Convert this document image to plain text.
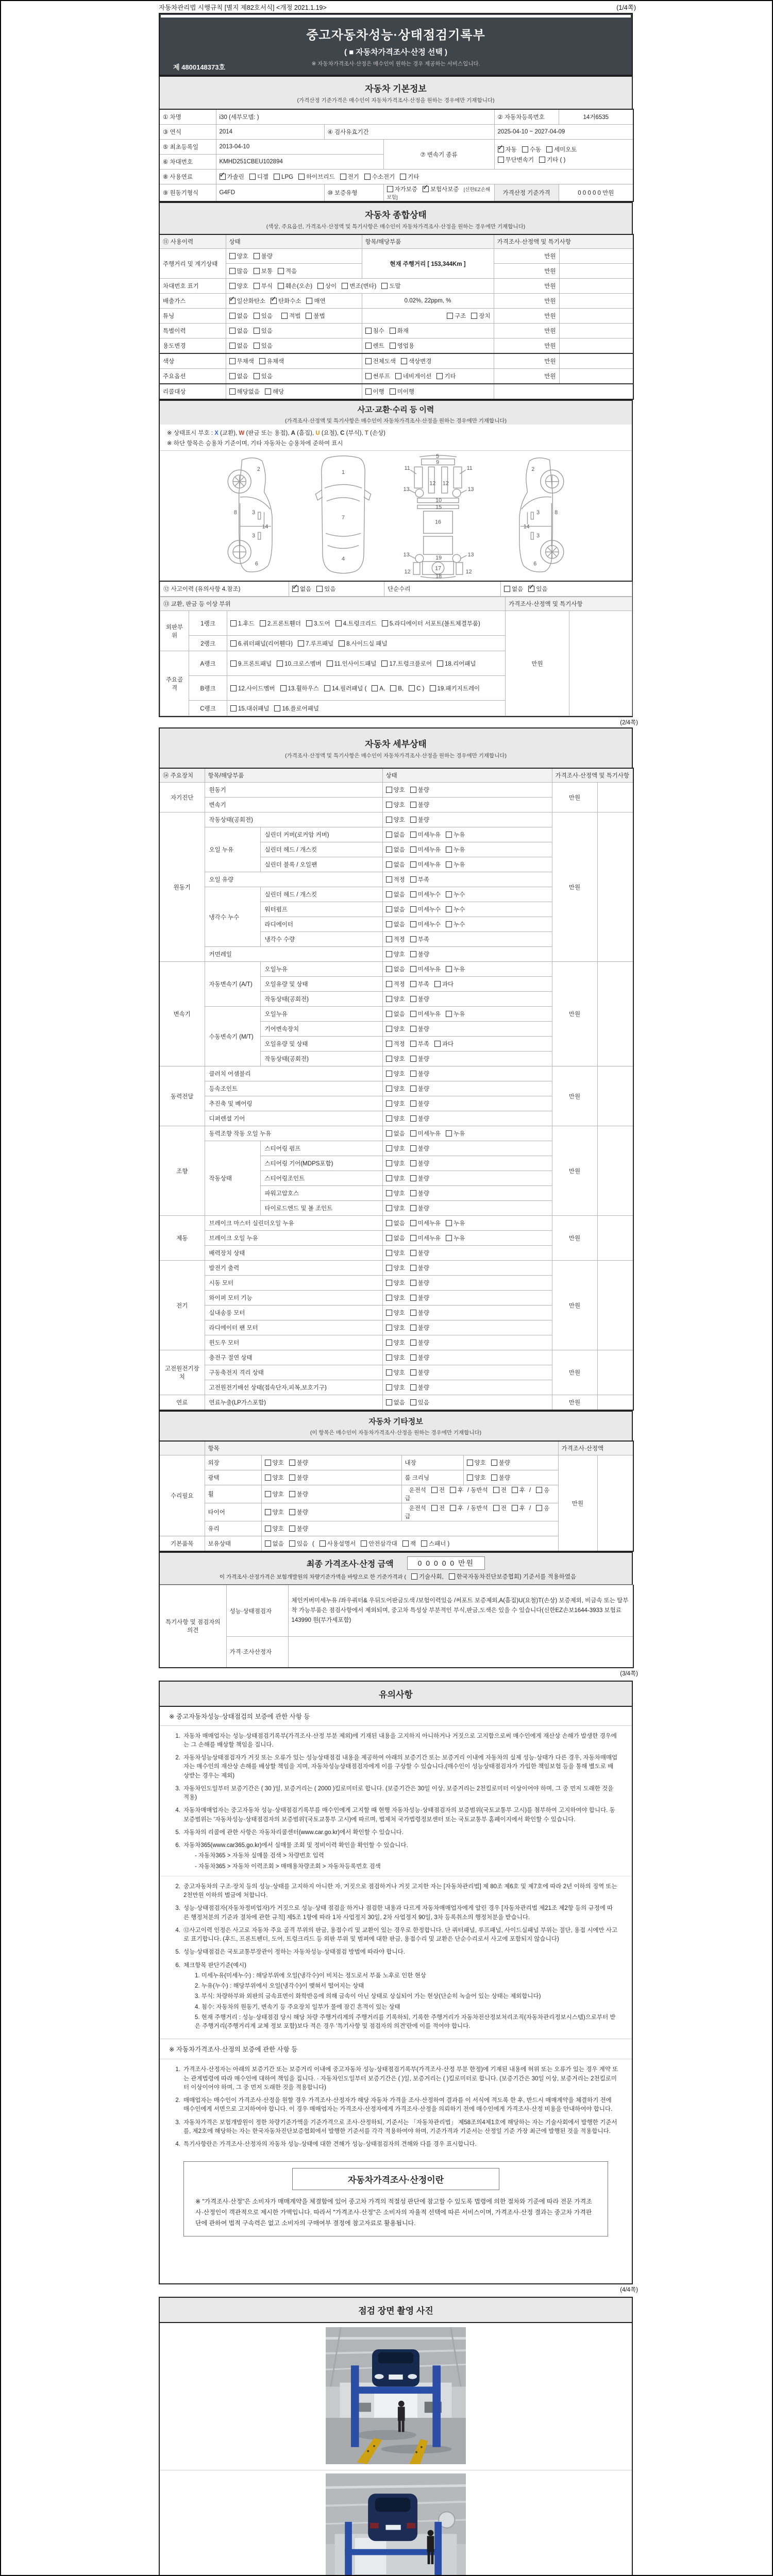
자동차관리법 시행규칙 [별지 제82호서식] <개정 2021.1.19>	(1/4쪽)
중고자동차성능·상태점검기록부
( ■ 자동차가격조사·산정 선택 )
※ 자동차가격조사·산정은 매수인이 원하는 경우 제공하는 서비스입니다.
제 4800148373호
자동차 기본정보
(가격산정 기준가격은 매수인이 자동차가격조사·산정을 원하는 경우에만 기재합니다)
① 차명	i30 (세부모델: )			② 자동차등록번호	14거6535
③ 연식	2014	④ 검사유효기간		2025-04-10 ~ 2027-04-09	
⑤ 최초등록일	2013-04-10		⑦ 변속기 종류	
✓자동 수동 세미오토
무단변속기 기타 ( )

⑥ 차대번호	KMHD251CBEU102894				
⑧ 사용연료	✓가솔린 디젤 LPG 하이브리드 전기 수소전기 기타
⑨ 원동기형식	G4FD	⑩ 보증유형	자가보증 ✓ 보험사보증 [신한EZ손해보험]	가격산정 기준가격	0 0 0 0 0 만원
자동차 종합상태
(색상, 주요옵션, 가격조사·산정액 및 특기사항은 매수인이 자동차가격조사·산정을 원하는 경우에만 기재합니다)
⑪ 사용이력	상태	항목/해당부품	가격조사·산정액 및 특기사항	
주행거리 및 계기상태	양호 불량	현재 주행거리 [ 153,344Km ]	만원	
	많음 보통 적음		만원	
차대번호 표기	양호 부식 훼손(오손) 상이 변조(변타) 도말		만원	
배출가스	✓일산화탄소 ✓ 탄화수소 매연	0.02%, 22ppm, %	만원	
튜닝	없음 있음 적법 불법	구조 장치	만원	
특별이력	없음 있음	침수 화재	만원	
용도변경	없음 있음	렌트 영업용	만원	
색상	무채색 유채색	전체도색 색상변경	만원	
주요옵션	없음 있음	썬루프 네비게이션 기타	만원	
리콜대상	해당없음 해당	이행 미이행		
사고·교환·수리 등 이력
(가격조사·산정액 및 특기사항은 매수인이 자동차가격조사·산정을 원하는 경우에만 기재합니다)
※ 상태표시 부호 : X (교환), W (판금 또는 용접), A (흠집), U (요철), C (부식), T (손상)
※ 하단 항목은 승용차 기준이며, 기타 자동차는 승용차에 준하여 표시
2
8	3
14
3
6
1
7
4
5
9
11	11
12 12
13	13
10
15
16
13	13
19
17
12	12
18
2
8
3
14
3
6
⑫ 사고이력 (유의사항 4.참조)	✓없음 있음	단순수리	없음 ✓ 있음
⑬ 교환, 판금 등 이상 부위			가격조사·산정액 및 특기사항	
외판부위	1랭크	1.후드 2.프론트휀더 3.도어 4.트렁크리드 5.라디에이터 서포트(볼트체결부품)	만원	
	2랭크	6.쿼터패널(리어휀다) 7.루프패널 8.사이드실 패널		
주요골격	A랭크	9.프론트패널 10.크로스멤버 11.인사이드패널 17.트렁크플로어 18.리어패널		
	B랭크	12.사이드멤버 13.휠하우스 14.필러패널 ( A, B, C ) 19.패키지트레이		
	C랭크	15.대쉬패널 16.플로어패널		
(2/4쪽)
자동차 세부상태
(가격조사·산정액 및 특기사항은 매수인이 자동차가격조사·산정을 원하는 경우에만 기재합니다)
⑭ 주요장치	항목/해당부품		상태	가격조사·산정액 및 특기사항	
자기진단	원동기		양호 불량	만원	
	변속기		양호 불량		
원동기	작동상태(공회전)		양호 불량	만원	
	오일 누유	실린더 커버(로커암 커버)	없음 미세누유 누유		
		실린더 헤드 / 개스킷	없음 미세누유 누유		
		실린더 블록 / 오일팬	없음 미세누유 누유		
	오일 유량		적정 부족		
	냉각수 누수	실린더 헤드 / 개스킷	없음 미세누수 누수		
		워터펌프	없음 미세누수 누수		
		라디에이터	없음 미세누수 누수		
		냉각수 수량	적정 부족		
	커먼레일		양호 불량		
변속기	자동변속기 (A/T)	오일누유	없음 미세누유 누유	만원	
		오일유량 및 상태	적정 부족 과다		
		작동상태(공회전)	양호 불량		
	수동변속기 (M/T)	오일누유	없음 미세누유 누유		
		기어변속장치	양호 불량		
		오일유량 및 상태	적정 부족 과다		
		작동상태(공회전)	양호 불량		
동력전달	클러치 어셈블리		양호 불량	만원	
	등속조인트		양호 불량		
	추진축 및 베어링		양호 불량		
	디퍼렌셜 기어		양호 불량		
조향	동력조향 작동 오일 누유		없음 미세누유 누유	만원	
	작동상태	스티어링 펌프	양호 불량		
		스티어링 기어(MDPS포함)	양호 불량		
		스티어링조인트	양호 불량		
		파워고압호스	양호 불량		
		타이로드엔드 및 볼 조인트	양호 불량		
제동	브레이크 마스터 실린더오일 누유		없음 미세누유 누유	만원	
	브레이크 오일 누유		없음 미세누유 누유		
	배력장치 상태		양호 불량		
전기	발전기 출력		양호 불량	만원	
	시동 모터		양호 불량		
	와이퍼 모터 기능		양호 불량		
	실내송풍 모터		양호 불량		
	라디에이터 팬 모터		양호 불량		
	윈도우 모터		양호 불량		
고전원전기장치	충전구 절연 상태		양호 불량	만원	
	구동축전지 격리 상태		양호 불량		
	고전원전기배선 상태(접속단자,피복,보호기구)		양호 불량		
연료	연료누출(LP가스포함)		없음 있음	만원	
자동차 기타정보
(이 항목은 매수인이 자동차가격조사·산정을 원하는 경우에만 기재합니다)
	항목				가격조사·산정액	
수리필요	외장	양호 불량	내장	양호 불량	만원	
	광택	양호 불량	룸 크리닝	양호 불량		
	휠	양호 불량	운전석 전 후 / 동반석 전 후 / 응급			
	타이어	양호 불량	운전석 전 후 / 동반석 전 후 / 응급			
	유리	양호 불량				
기본품목	보유상태	없음 있음 ( 사용설명서 안전삼각대 잭 스패너 )				
최종 가격조사·산정 금액	0 0 0 0 0 만원
이 가격조사·산정가격은 보험개발원의 차량기준가액을 바탕으로 한 기준가격과 ( 기술사회, 한국자동차진단보증협회) 기준서를 적용하였음
특기사항 및 점검자의 의견	성능·상태점검자	체인커버미세누유 /좌우쿼터& 우뒤도어판금도색 /보험이력있음 /써포트 보증제외,A(흠집)U(요철)T(손상) 보증제외, 비금속 또는 탈부착 가능부품은 점검사항에서 제외되며, 중고차 특성상 부분적인 부식,판금,도색은 있을 수 있습니다(신한EZ손보1644-3933 보험료143990 원(부가세포함)
	가격·조사산정자	
(3/4쪽)
유의사항
※ 중고자동차성능·상태점검의 보증에 관한 사항 등
1. 자동차 매매업자는 성능·상태점검기록부(가격조사·산정 부분 제외)에 기재된 내용을 고지하지 아니하거나 거짓으로 고지함으로써 매수인에게 재산상 손해가 발생한 경우에는 그 손해를 배상할 책임을 집니다.
2. 자동차성능상태점검자가 거짓 또는 오류가 있는 성능상태점검 내용을 제공하여 아래의 보증기간 또는 보증거리 이내에 자동차의 실제 성능·상태가 다른 경우, 자동차매매업자는 매수인의 재산상 손해를 배상할 책임을 지며, 자동차성능상태점검자에게 이를 구상할 수 있습니다.(매수인이 성능상태점검자가 가입한 책임보험 등을 통해 별도로 배상받는 경우는 제외)
3. 자동차인도일부터 보증기간은 ( 30 )일, 보증거리는 ( 2000 )킬로미터로 합니다. (보증기간은 30일 이상, 보증거리는 2천킬로미터 이상이어야 하며, 그 중 먼저 도래한 것을 적용)
4. 자동차매매업자는 중고자동차 성능·상태점검기록부를 매수인에게 고지할 때 현행 자동차성능·상태점검자의 보증범위(국토교통부 고시)를 첨부하여 고지하여야 합니다. 동 보증범위는 '자동차성능·상태점검자의 보증범위'(국토교통부 고시)에 따르며, 법제처 국가법령정보센터 또는 국토교통부 홈페이지에서 확인할 수 있습니다.
5. 자동차의 리콜에 관한 사항은 자동차리콜센터(www.car.go.kr)에서 확인할 수 있습니다.
6. 자동차365(www.car365.go.kr)에서 실매물 조회 및 정비이력 확인을 확인할 수 있습니다.
- 자동차365 > 자동차 실매물 검색 > 차량번호 입력
- 자동차365 > 자동차 이력조회 > 매매용차량조회 > 자동차등록번호 검색
2. 중고자동차의 구조·장치 등의 성능·상태를 고지하지 아니한 자, 거짓으로 점검하거나 거짓 고지한 자는 [자동차관리법] 제 80조 제6호 및 제7호에 따라 2년 이하의 징역 또는 2천만원 이하의 벌금에 처합니다.
3. 성능·상태점검자(자동차정비업자)가 거짓으로 성능·상태 점검을 하거나 점검한 내용과 다르게 자동차매매업자에게 알린 경우 [자동차관리법 제21조 제2항 등의 규정에 따른 행정처분의 기준과 절차에 관한 규칙] 제5조 1항에 따라 1차 사업정지 30일, 2차 사업정지 90일, 3차 등록취소의 행정처분을 받습니다.
4. ⑫사고이력 인정은 사고로 자동차 주요 골격 부위의 판금, 용접수리 및 교환이 있는 경우로 한정합니다. 단 쿼터패널, 루프패널, 사이드실패널 부위는 절단, 용접 시에만 사고로 표기합니다. (후드, 프론트펜더, 도어, 트렁크리드 등 외판 부위 및 범퍼에 대한 판금, 용접수리 및 교환은 단순수리로서 사고에 포함되지 않습니다)
5. 성능·상태점검은 국토교통부장관이 정하는 자동차성능·상태점검 방법에 따라야 합니다.
6. 체크항목 판단기준(예시)
1. 미세누유(미세누수) : 해당부위에 오일(냉각수)이 비치는 정도로서 부품 노후로 인한 현상
2. 누유(누수) : 해당부위에서 오일(냉각수)이 맺혀서 떨어지는 상태
3. 부식: 차량하부와 외판의 금속표면이 화학반응에 의해 금속이 아닌 상태로 상실되어 가는 현상(단순히 녹슬어 있는 상태는 제외합니다)
4. 침수: 자동차의 원동기, 변속기 등 주요장치 일부가 물에 잠긴 흔적이 있는 상태
5. 현재 주행거리 : 성능·상태점검 당시 해당 차량 주행거리계의 주행거리를 기록하되, 기록한 주행거리가 자동차전산정보처리조직(자동차관리정보시스템)으로부터 받은 주행거리(주행거리계 교체 정보 포함)보다 적은 경우 '특기사항 및 점검자의 의견'란에 이를 적어야 합니다.
※ 자동차가격조사·산정의 보증에 관한 사항 등
1. 가격조사·산정자는 아래의 보증기간 또는 보증거리 이내에 중고자동차 성능·상태점검기록부(가격조사·산정 부분 한정)에 기재된 내용에 허위 또는 오류가 있는 경우 계약 또는 관계법령에 따라 매수인에 대하여 책임을 집니다. · 자동차인도일부터 보증기간은 ( )일, 보증거리는 ( )킬로미터로 합니다. (보증기간은 30일 이상, 보증거리는 2천킬로미터 이상이어야 하며, 그 중 먼저 도래한 것을 적용합니다)
2. 매매업자는 매수인이 가격조사·산정을 원할 경우 가격조사·산정자가 해당 자동차 가격을 조사·산정하여 결과를 이 서식에 적도록 한 후, 반드시 매매계약을 체결하기 전에 매수인에게 서면으로 고지하여야 합니다. 이 경우 매매업자는 가격조사·산정자에게 가격조사·산정을 의뢰하기 전에 매수인에게 가격조사·산정 비용을 안내하여야 합니다.
3. 자동차가격은 보험개발원이 정한 차량기준가액을 기준가격으로 조사·산정하되, 기준서는 「자동차관리법」 제58조의4제1호에 해당하는 자는 기술사회에서 발행한 기준서를, 제2호에 해당하는 자는 한국자동차진단보증협회에서 발행한 기준서를 각각 적용하여야 하며, 기준가격과 기준서는 산정일 기준 가장 최근에 발행된 것을 적용합니다.
4. 특기사항란은 가격조사·산정자의 자동차 성능·상태에 대한 견해가 성능·상태점검자의 견해와 다를 경우 표시합니다.
자동차가격조사·산정이란
※ "가격조사·산정"은 소비자가 매매계약을 체결함에 있어 중고차 가격의 적절성 판단에 참고할 수 있도록 법령에 의한 절차와 기준에 따라 전문 가격조사·산정인이 객관적으로 제시한 가액입니다. 따라서 "가격조사·산정"은 소비자의 자율적 선택에 따른 서비스이며, 가격조사·산정 결과는 중고차 가격판단에 관하여 법적 구속력은 없고 소비자의 구매여부 결정에 참고자료로 활용됩니다.
(4/4쪽)
점검 장면 촬영 사진
